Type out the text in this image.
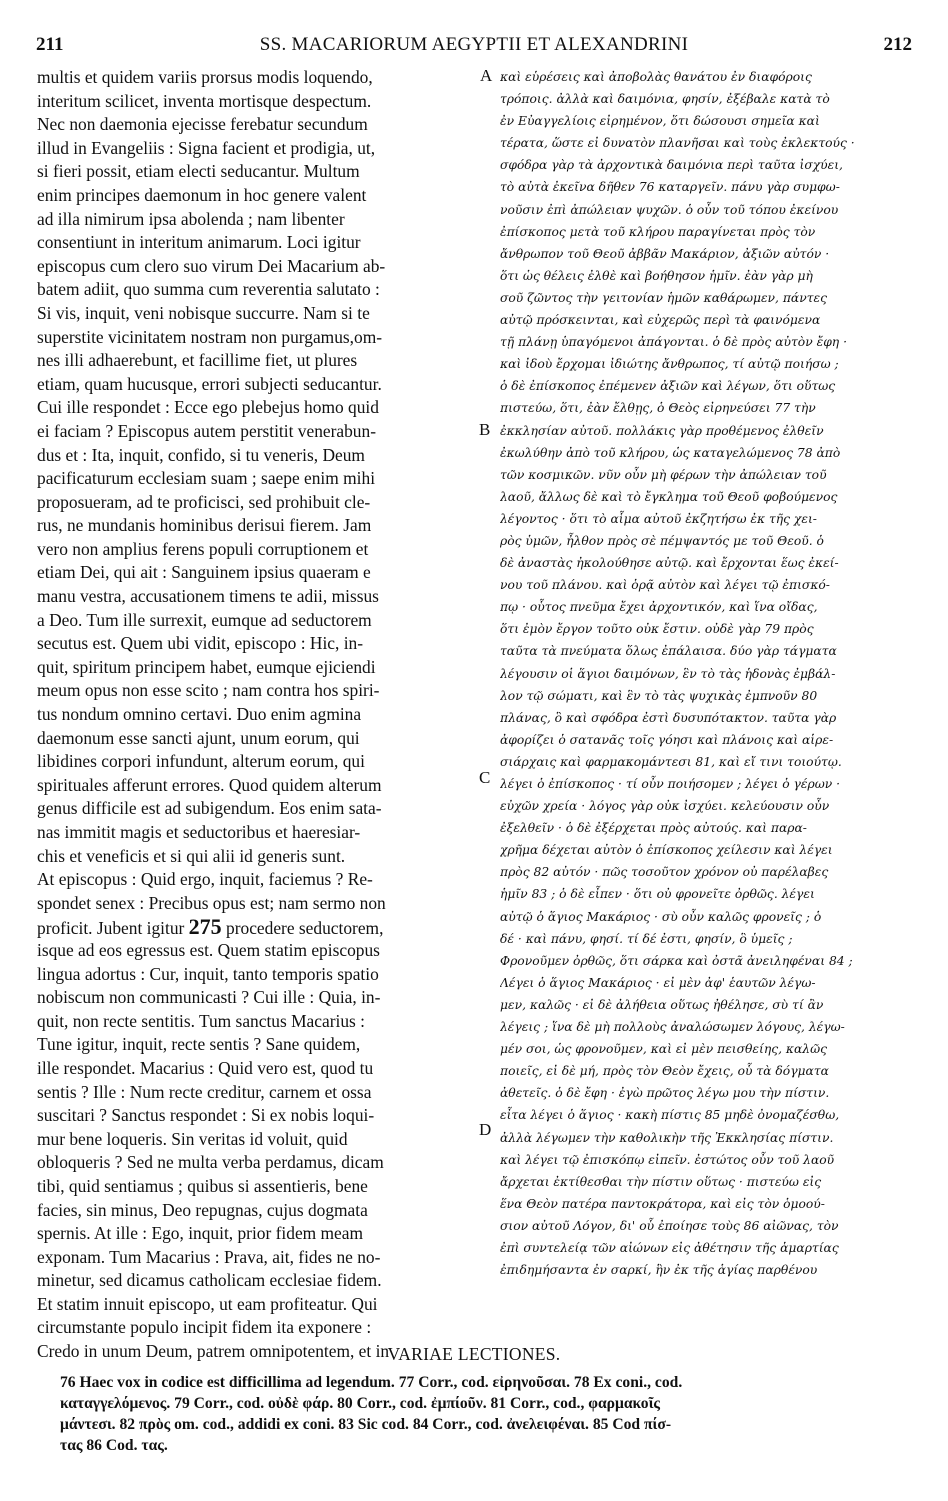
211	SS. MACARIORUM AEGYPTII ET ALEXANDRINI	212
multis et quidem variis prorsus modis loquendo,
interitum scilicet, inventa mortisque despectum.
Nec non daemonia ejecisse ferebatur secundum
illud in Evangeliis : Signa facient et prodigia, ut,
si fieri possit, etiam electi seducantur. Multum
enim principes daemonum in hoc genere valent
ad illa nimirum ipsa abolenda ; nam libenter
consentiunt in interitum animarum. Loci igitur
episcopus cum clero suo virum Dei Macarium ab-
batem adiit, quo summa cum reverentia salutato :
Si vis, inquit, veni nobisque succurre. Nam si te
superstite vicinitatem nostram non purgamus,om-
nes illi adhaerebunt, et facillime fiet, ut plures
etiam, quam hucusque, errori subjecti seducantur.
Cui ille respondet : Ecce ego plebejus homo quid
ei faciam ? Episcopus autem perstitit venerabun-
dus et : Ita, inquit, confido, si tu veneris, Deum
pacificaturum ecclesiam suam ; saepe enim mihi
proposueram, ad te proficisci, sed prohibuit cle-
rus, ne mundanis hominibus derisui fierem. Jam
vero non amplius ferens populi corruptionem et
etiam Dei, qui ait : Sanguinem ipsius quaeram e
manu vestra, accusationem timens te adii, missus
a Deo. Tum ille surrexit, eumque ad seductorem
secutus est. Quem ubi vidit, episcopo : Hic, in-
quit, spiritum principem habet, eumque ejiciendi
meum opus non esse scito ; nam contra hos spiri-
tus nondum omnino certavi. Duo enim agmina
daemonum esse sancti ajunt, unum eorum, qui
libidines corpori infundunt, alterum eorum, qui
spirituales afferunt errores. Quod quidem alterum
genus difficile est ad subigendum. Eos enim sata-
nas immitit magis et seductoribus et haeresiar-
chis et veneficis et si qui alii id generis sunt.
At episcopus : Quid ergo, inquit, faciemus ? Re-
spondet senex : Precibus opus est; nam sermo non
proficit. Jubent igitur 275 procedere seductorem,
isque ad eos egressus est. Quem statim episcopus
lingua adortus : Cur, inquit, tanto temporis spatio
nobiscum non communicasti ? Cui ille : Quia, in-
quit, non recte sentitis. Tum sanctus Macarius :
Tune igitur, inquit, recte sentis ? Sane quidem,
ille respondet. Macarius : Quid vero est, quod tu
sentis ? Ille : Num recte creditur, carnem et ossa
suscitari ? Sanctus respondet : Si ex nobis loqui-
mur bene loqueris. Sin veritas id voluit, quid
obloqueris ? Sed ne multa verba perdamus, dicam
tibi, quid sentiamus ; quibus si assentieris, bene
facies, sin minus, Deo repugnas, cujus dogmata
spernis. At ille : Ego, inquit, prior fidem meam
exponam. Tum Macarius : Prava, ait, fides ne no-
minetur, sed dicamus catholicam ecclesiae fidem.
Et statim innuit episcopo, ut eam profiteatur. Qui
circumstante populo incipit fidem ita exponere :
Credo in unum Deum, patrem omnipotentem, et in
καὶ εὑρέσεις καὶ ἀποβολὰς θανάτου ἐν διαφόροις
τρόποις. ἀλλὰ καὶ δαιμόνια, φησίν, ἐξέβαλε κατὰ τὸ
ἐν Εὐαγγελίοις εἰρημένον, ὅτι δώσουσι σημεῖα καὶ
τέρατα, ὥστε εἰ δυνατὸν πλανῆσαι καὶ τοὺς ἐκλεκτούς ·
σφόδρα γὰρ τὰ ἀρχοντικὰ δαιμόνια περὶ ταῦτα ἰσχύει,
τὸ αὐτὰ ἐκεῖνα δῆθεν 76 καταργεῖν. πάνυ γὰρ συμφω-
νοῦσιν ἐπὶ ἀπώλειαν ψυχῶν. ὁ οὖν τοῦ τόπου ἐκείνου
ἐπίσκοπος μετὰ τοῦ κλήρου παραγίνεται πρὸς τὸν
ἄνθρωπον τοῦ Θεοῦ ἀββᾶν Μακάριον, ἀξιῶν αὐτόν ·
ὅτι ὡς θέλεις ἐλθὲ καὶ βοήθησον ἡμῖν. ἐὰν γὰρ μὴ
σοῦ ζῶντος τὴν γειτονίαν ἡμῶν καθάρωμεν, πάντες
αὐτῷ πρόσκεινται, καὶ εὐχερῶς περὶ τὰ φαινόμενα
τῇ πλάνῃ ὑπαγόμενοι ἀπάγονται. ὁ δὲ πρὸς αὐτὸν ἔφη ·
καὶ ἰδοὺ ἔρχομαι ἰδιώτης ἄνθρωπος, τί αὐτῷ ποιήσω ;
ὁ δὲ ἐπίσκοπος ἐπέμενεν ἀξιῶν καὶ λέγων, ὅτι οὕτως
πιστεύω, ὅτι, ἐὰν ἔλθῃς, ὁ Θεὸς εἰρηνεύσει 77 τὴν
ἐκκλησίαν αὐτοῦ. πολλάκις γὰρ προθέμενος ἐλθεῖν
ἐκωλύθην ἀπὸ τοῦ κλήρου, ὡς καταγελώμενος 78 ἀπὸ
τῶν κοσμικῶν. νῦν οὖν μὴ φέρων τὴν ἀπώλειαν τοῦ
λαοῦ, ἄλλως δὲ καὶ τὸ ἔγκλημα τοῦ Θεοῦ φοβούμενος
λέγοντος · ὅτι τὸ αἷμα αὐτοῦ ἐκζητήσω ἐκ τῆς χει-
ρὸς ὑμῶν, ἦλθον πρὸς σὲ πέμψαντός με τοῦ Θεοῦ. ὁ
δὲ ἀναστὰς ἠκολούθησε αὐτῷ. καὶ ἔρχονται ἕως ἐκεί-
νου τοῦ πλάνου. καὶ ὁρᾷ αὐτὸν καὶ λέγει τῷ ἐπισκό-
πῳ · οὗτος πνεῦμα ἔχει ἀρχοντικόν, καὶ ἵνα οἴδας,
ὅτι ἐμὸν ἔργον τοῦτο οὐκ ἔστιν. οὐδὲ γὰρ 79 πρὸς
ταῦτα τὰ πνεύματα ὅλως ἐπάλαισα. δύο γὰρ τάγματα
λέγουσιν οἱ ἅγιοι δαιμόνων, ἓν τὸ τὰς ἡδονὰς ἐμβάλ-
λον τῷ σώματι, καὶ ἓν τὸ τὰς ψυχικὰς ἐμπνοῦν 80
πλάνας, ὃ καὶ σφόδρα ἐστὶ δυσυπότακτον. ταῦτα γὰρ
ἀφορίζει ὁ σατανᾶς τοῖς γόησι καὶ πλάνοις καὶ αἱρε-
σιάρχαις καὶ φαρμακομάντεσι 81, καὶ εἴ τινι τοιούτῳ.
λέγει ὁ ἐπίσκοπος · τί οὖν ποιήσομεν ; λέγει ὁ γέρων ·
εὐχῶν χρεία · λόγος γὰρ οὐκ ἰσχύει. κελεύουσιν οὖν
ἐξελθεῖν · ὁ δὲ ἐξέρχεται πρὸς αὐτούς. καὶ παρα-
χρῆμα δέχεται αὐτὸν ὁ ἐπίσκοπος χείλεσιν καὶ λέγει
πρὸς 82 αὐτόν · πῶς τοσοῦτον χρόνον οὐ παρέλαβες
ἡμῖν 83 ; ὁ δὲ εἶπεν · ὅτι οὐ φρονεῖτε ὀρθῶς. λέγει
αὐτῷ ὁ ἅγιος Μακάριος · σὺ οὖν καλῶς φρονεῖς ; ὁ
δέ · καὶ πάνυ, φησί. τί δέ ἐστι, φησίν, ὃ ὑμεῖς ;
Φρονοῦμεν ὀρθῶς, ὅτι σάρκα καὶ ὀστᾶ ἀνειληφέναι 84 ;
Λέγει ὁ ἅγιος Μακάριος · εἰ μὲν ἀφ' ἑαυτῶν λέγω-
μεν, καλῶς · εἰ δὲ ἀλήθεια οὕτως ἠθέλησε, σὺ τί ἂν
λέγεις ; ἵνα δὲ μὴ πολλοὺς ἀναλώσωμεν λόγους, λέγω-
μέν σοι, ὡς φρονοῦμεν, καὶ εἰ μὲν πεισθείης, καλῶς
ποιεῖς, εἰ δὲ μή, πρὸς τὸν Θεὸν ἔχεις, οὗ τὰ δόγματα
ἀθετεῖς. ὁ δὲ ἔφη · ἐγὼ πρῶτος λέγω μου τὴν πίστιν.
εἶτα λέγει ὁ ἅγιος · κακὴ πίστις 85 μηδὲ ὀνομαζέσθω,
ἀλλὰ λέγωμεν τὴν καθολικὴν τῆς Ἐκκλησίας πίστιν.
καὶ λέγει τῷ ἐπισκόπῳ εἰπεῖν. ἐστώτος οὖν τοῦ λαοῦ
ἄρχεται ἐκτίθεσθαι τὴν πίστιν οὕτως · πιστεύω εἰς
ἕνα Θεὸν πατέρα παντοκράτορα, καὶ εἰς τὸν ὁμοού-
σιον αὐτοῦ Λόγον, δι' οὗ ἐποίησε τοὺς 86 αἰῶνας, τὸν
ἐπὶ συντελείᾳ τῶν αἰώνων εἰς ἀθέτησιν τῆς ἁμαρτίας
ἐπιδημήσαντα ἐν σαρκί, ἣν ἐκ τῆς ἁγίας παρθένου
A
B
C
D
VARIAE LECTIONES.
76 Haec vox in codice est difficillima ad legendum. 77 Corr., cod. εἰρηνοῦσαι. 78 Ex coni., cod.
καταγγελόμενος. 79 Corr., cod. οὐδὲ φάρ. 80 Corr., cod. ἐμπίοῦν. 81 Corr., cod., φαρμακοῖς
μάντεσι. 82 πρὸς om. cod., addidi ex coni. 83 Sic cod. 84 Corr., cod. ἀνελειφέναι. 85 Cod πίσ-
τας 86 Cod. τας.
